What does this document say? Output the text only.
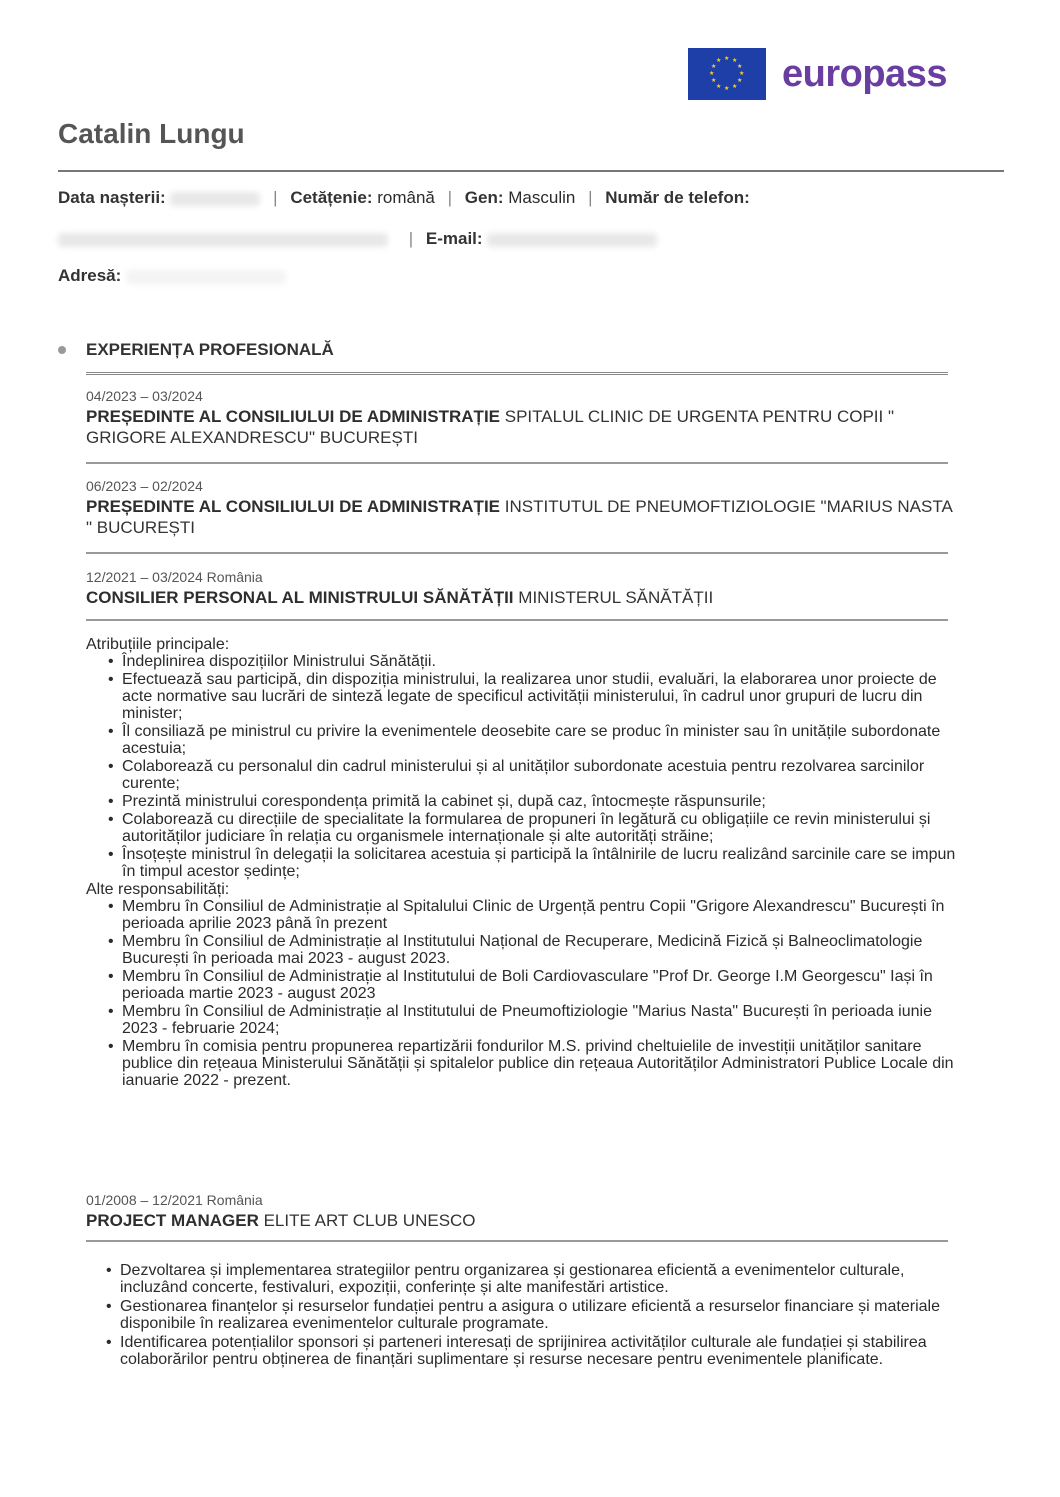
★ ★
★
★
★
★
★
★
★
★
★
★ europass
Catalin Lungu
Data nașterii:	| Cetățenie: română | Gen: Masculin | Număr de telefon:
| E-mail:
Adresă:
EXPERIENȚA PROFESIONALĂ
04/2023 – 03/2024
PREȘEDINTE AL CONSILIULUI DE ADMINISTRAȚIE SPITALUL CLINIC DE URGENTA PENTRU COPII " GRIGORE ALEXANDRESCU" BUCUREȘTI
06/2023 – 02/2024
PREȘEDINTE AL CONSILIULUI DE ADMINISTRAȚIE INSTITUTUL DE PNEUMOFTIZIOLOGIE "MARIUS NASTA " BUCUREȘTI
12/2021 – 03/2024 România
CONSILIER PERSONAL AL MINISTRULUI SĂNĂTĂȚII MINISTERUL SĂNĂTĂȚII
Atribuțiile principale:
• Îndeplinirea dispozițiilor Ministrului Sănătății.
• Efectuează sau participă, din dispoziția ministrului, la realizarea unor studii, evaluări, la elaborarea unor proiecte de acte normative sau lucrări de sinteză legate de specificul activității ministerului, în cadrul unor grupuri de lucru din minister;
• Îl consiliază pe ministrul cu privire la evenimentele deosebite care se produc în minister sau în unitățile subordonate acestuia;
• Colaborează cu personalul din cadrul ministerului și al unităților subordonate acestuia pentru rezolvarea sarcinilor curente;
• Prezintă ministrului corespondența primită la cabinet și, după caz, întocmește răspunsurile;
• Colaborează cu direcțiile de specialitate la formularea de propuneri în legătură cu obligațiile ce revin ministerului și autorităților judiciare în relația cu organismele internaționale și alte autorități străine;
• Însoțește ministrul în delegații la solicitarea acestuia și participă la întâlnirile de lucru realizând sarcinile care se impun în timpul acestor ședințe;
Alte responsabilități:
• Membru în Consiliul de Administrație al Spitalului Clinic de Urgență pentru Copii "Grigore Alexandrescu" București în perioada aprilie 2023 până în prezent
• Membru în Consiliul de Administrație al Institutului Național de Recuperare, Medicină Fizică și Balneoclimatologie București în perioada mai 2023 - august 2023.
• Membru în Consiliul de Administrație al Institutului de Boli Cardiovasculare "Prof Dr. George I.M Georgescu" Iași în perioada martie 2023 - august 2023
• Membru în Consiliul de Administrație al Institutului de Pneumoftiziologie "Marius Nasta" București în perioada iunie 2023 - februarie 2024;
• Membru în comisia pentru propunerea repartizării fondurilor M.S. privind cheltuielile de investiții unităților sanitare publice din rețeaua Ministerului Sănătății și spitalelor publice din rețeaua Autorităților Administratori Publice Locale din ianuarie 2022 - prezent.
01/2008 – 12/2021 România
PROJECT MANAGER ELITE ART CLUB UNESCO
• Dezvoltarea și implementarea strategiilor pentru organizarea și gestionarea eficientă a evenimentelor culturale, incluzând concerte, festivaluri, expoziții, conferințe și alte manifestări artistice.
• Gestionarea finanțelor și resurselor fundației pentru a asigura o utilizare eficientă a resurselor financiare și materiale disponibile în realizarea evenimentelor culturale programate.
• Identificarea potențialilor sponsori și parteneri interesați de sprijinirea activităților culturale ale fundației și stabilirea colaborărilor pentru obținerea de finanțări suplimentare și resurse necesare pentru evenimentele planificate.
